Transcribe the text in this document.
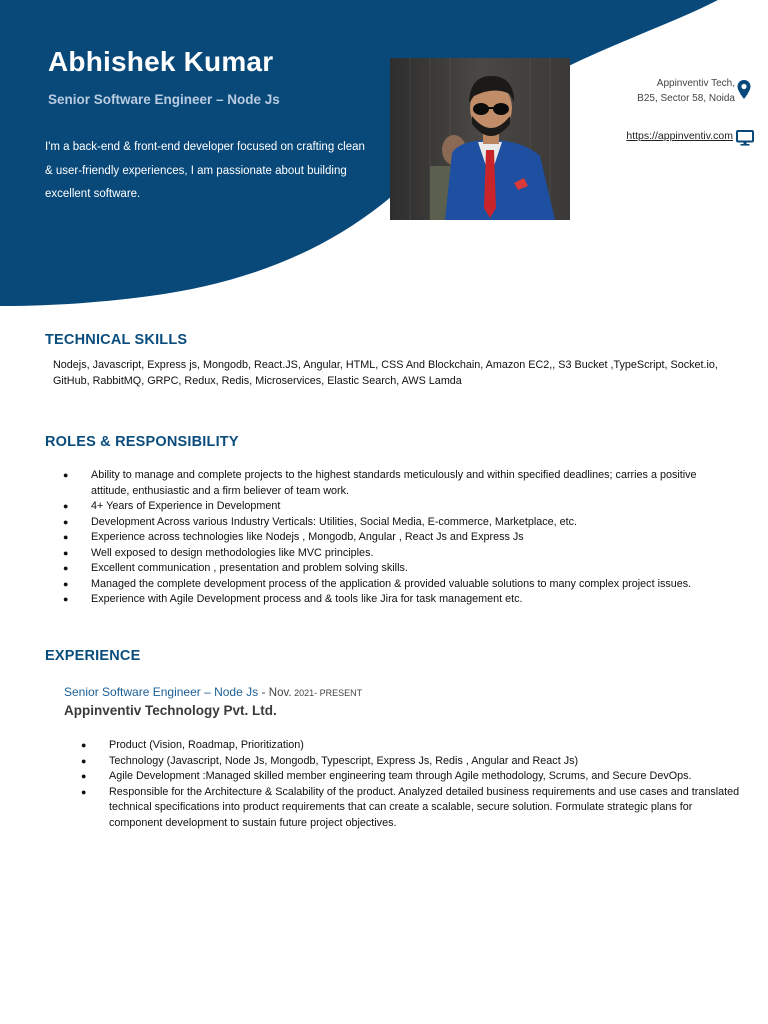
Abhishek Kumar
Senior Software Engineer – Node Js

I'm a back-end & front-end developer focused on crafting clean & user-friendly experiences, I am passionate about building excellent software.

Appinventiv Tech,
B25, Sector 58, Noida
https://appinventiv.com
TECHNICAL SKILLS

Nodejs, Javascript, Express js, Mongodb, React.JS, Angular, HTML, CSS And Blockchain, Amazon EC2,, S3 Bucket ,TypeScript, Socket.io, GitHub, RabbitMQ, GRPC, Redux, Redis, Microservices, Elastic Search, AWS Lamda

ROLES & RESPONSIBILITY
● Ability to manage and complete projects to the highest standards meticulously and within specified deadlines; carries a positive attitude, enthusiastic and a firm believer of team work.
● 4+ Years of Experience in Development
● Development Across various Industry Verticals: Utilities, Social Media, E-commerce, Marketplace, etc.
● Experience across technologies like Nodejs , Mongodb, Angular , React Js and Express Js
● Well exposed to design methodologies like MVC principles.
● Excellent communication , presentation and problem solving skills.
● Managed the complete development process of the application & provided valuable solutions to many complex project issues.
● Experience with Agile Development process and & tools like Jira for task management etc.
EXPERIENCE

Senior Software Engineer – Node Js - Nov. 2021- PRESENT

Appinventiv Technology Pvt. Ltd.

● Product (Vision, Roadmap, Prioritization)
● Technology (Javascript, Node Js, Mongodb, Typescript, Express Js, Redis , Angular and React Js)
● Agile Development :Managed skilled member engineering team through Agile methodology, Scrums, and Secure DevOps.
● Responsible for the Architecture & Scalability of the product. Analyzed detailed business requirements and use cases and translated technical specifications into product requirements that can create a scalable, secure solution. Formulate strategic plans for component development to sustain future project objectives.
